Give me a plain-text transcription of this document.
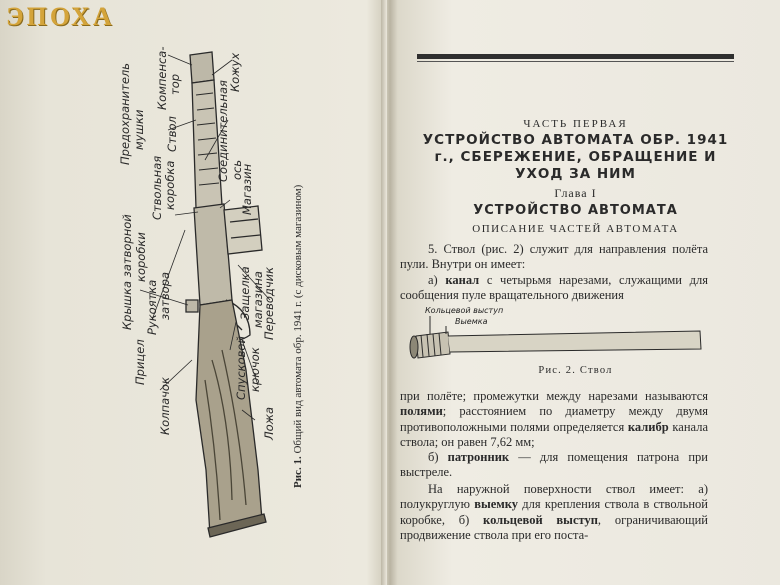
Компенса- тор	Кожух
Предохранитель мушки Ствол	Соединительная ось
Ствольная коробка	Магазин
Крышка затворной коробки
Рукоятка затвора	Защелка магазина
Переводчик
Прицел	Спусковой крючок
Колпачок	Ложа
Рис. 1. Общий вид автомата обр. 1941 г. (с дисковым магазином)
ЧАСТЬ ПЕРВАЯ
УСТРОЙСТВО АВТОМАТА ОБР. 1941 г., СБЕРЕЖЕНИЕ, ОБРАЩЕНИЕ И УХОД ЗА НИМ
Глава I
УСТРОЙСТВО АВТОМАТА
ОПИСАНИЕ ЧАСТЕЙ АВТОМАТА
5. Ствол (рис. 2) служит для направления полёта пули. Внутри он имеет:
а) канал с четырьмя нарезами, служащими для сообщения пуле вращательного движения
Кольцевой выступ
Выемка
Рис. 2. Ствол
при полёте; промежутки между нарезами называются полями; расстоянием по диаметру между двумя противоположными полями определяется калибр канала ствола; он равен 7,62 мм;
б) патронник — для помещения патрона при выстреле.
На наружной поверхности ствол имеет: а) полукруглую выемку для крепления ствола в ствольной коробке, б) кольцевой выступ, ограничивающий продвижение ствола при его поста-
ЭПОХА
